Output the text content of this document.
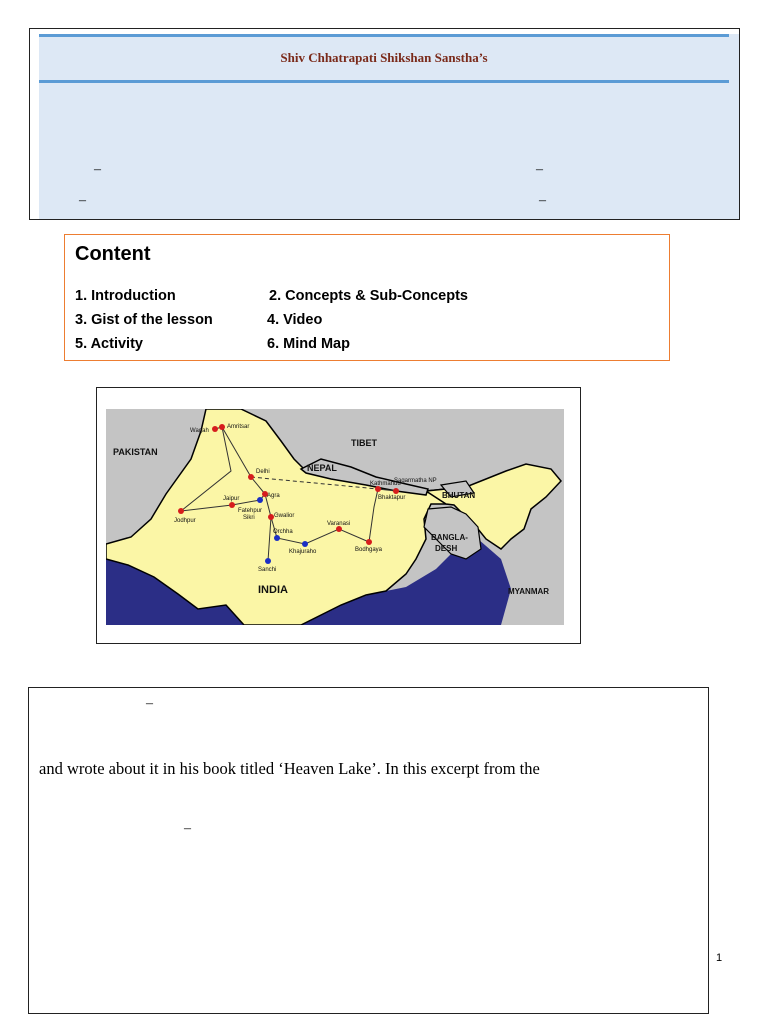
Shiv Chhatrapati Shikshan Sanstha’s
–	–
–	–
Content
1. Introduction	2. Concepts & Sub-Concepts
3. Gist of the lesson	4. Video
5. Activity	6. Mind Map
PAKISTAN
TIBET
NEPAL
BHUTAN
BANGLA-
DESH
INDIA	MYANMAR
Wagah
Amritsar
Delhi
Kathmandu
Sagarmatha NP
Bhaktapur
Jaipur	Agra
Fatehpur
Sikri
Jodhpur
Gwalior
Orchha
Varanasi
Khajuraho	Bodhgaya
Sanchi
–
and wrote about it in his book titled ‘Heaven Lake’. In this excerpt from the
–
1
